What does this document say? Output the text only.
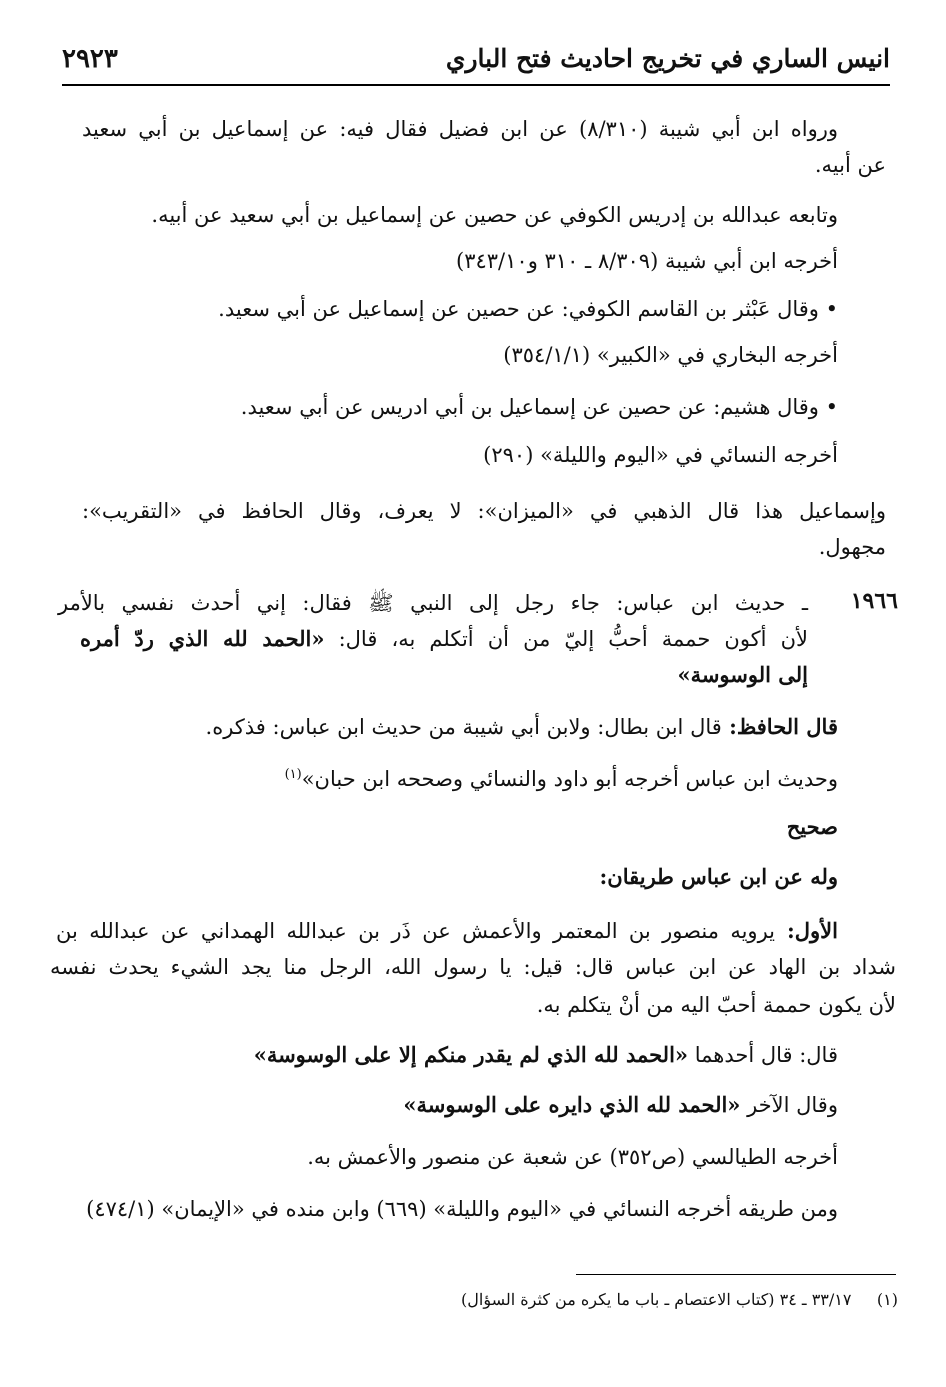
انيس الساري في تخريج احاديث فتح الباري
٢٩٢٣
ورواه ابن أبي شيبة (٨/٣١٠) عن ابن فضيل فقال فيه: عن إسماعيل بن أبي سعيد
عن أبيه.
وتابعه عبدالله بن إدريس الكوفي عن حصين عن إسماعيل بن أبي سعيد عن أبيه.
أخرجه ابن أبي شيبة (٨/٣٠٩ ـ ٣١٠ و٣٤٣/١٠)
• وقال عَبْثر بن القاسم الكوفي: عن حصين عن إسماعيل عن أبي سعيد.
أخرجه البخاري في «الكبير» (٣٥٤/١/١)
• وقال هشيم: عن حصين عن إسماعيل بن أبي ادريس عن أبي سعيد.
أخرجه النسائي في «اليوم والليلة» (٢٩٠)
وإسماعيل هذا قال الذهبي في «الميزان»: لا يعرف، وقال الحافظ في «التقريب»:
مجهول.
ـ حديث ابن عباس: جاء رجل إلى النبي ﷺ فقال: إني أحدث نفسي بالأمر
لأن أكون حممة أحبُّ إليّ من أن أتكلم به، قال: «الحمد لله الذي ردّ أمره
إلى الوسوسة»
قال الحافظ: قال ابن بطال: ولابن أبي شيبة من حديث ابن عباس: فذكره.
وحديث ابن عباس أخرجه أبو داود والنسائي وصححه ابن حبان»$^{(١)}$
صحيح
وله عن ابن عباس طريقان:
الأول: يرويه منصور بن المعتمر والأعمش عن ذَر بن عبدالله الهمداني عن عبدالله بن
شداد بن الهاد عن ابن عباس قال: قيل: يا رسول الله، الرجل منا يجد الشيء يحدث نفسه
لأن يكون حممة أحبّ اليه من أنْ يتكلم به.
قال: قال أحدهما «الحمد لله الذي لم يقدر منكم إلا على الوسوسة»
وقال الآخر «الحمد لله الذي دايره على الوسوسة»
أخرجه الطيالسي (ص٣٥٢) عن شعبة عن منصور والأعمش به.
ومن طريقه أخرجه النسائي في «اليوم والليلة» (٦٦٩) وابن منده في «الإيمان» (٤٧٤/١)
١٩٦٦
(١)     ٣٣/١٧ ـ ٣٤ (كتاب الاعتصام ـ باب ما يكره من كثرة السؤال)
